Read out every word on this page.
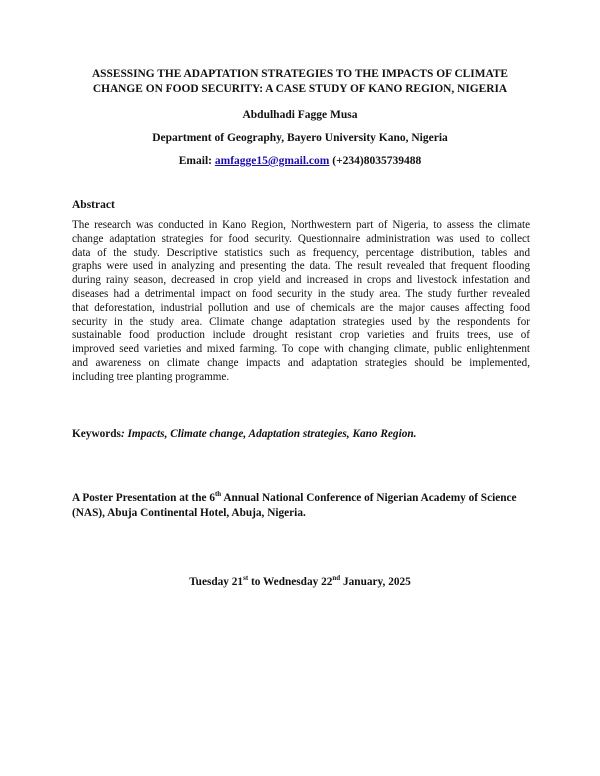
ASSESSING THE ADAPTATION STRATEGIES TO THE IMPACTS OF CLIMATE
CHANGE ON FOOD SECURITY: A CASE STUDY OF KANO REGION, NIGERIA
Abdulhadi Fagge Musa
Department of Geography, Bayero University Kano, Nigeria
Email: amfagge15@gmail.com (+234)8035739488
Abstract
The research was conducted in Kano Region, Northwestern part of Nigeria, to assess the climate
change adaptation strategies for food security. Questionnaire administration was used to collect
data of the study. Descriptive statistics such as frequency, percentage distribution, tables and
graphs were used in analyzing and presenting the data. The result revealed that frequent flooding
during rainy season, decreased in crop yield and increased in crops and livestock infestation and
diseases had a detrimental impact on food security in the study area. The study further revealed
that deforestation, industrial pollution and use of chemicals are the major causes affecting food
security in the study area. Climate change adaptation strategies used by the respondents for
sustainable food production include drought resistant crop varieties and fruits trees, use of
improved seed varieties and mixed farming. To cope with changing climate, public enlightenment
and awareness on climate change impacts and adaptation strategies should be implemented,
including tree planting programme.
Keywords: Impacts, Climate change, Adaptation strategies, Kano Region.
A Poster Presentation at the 6th Annual National Conference of Nigerian Academy of Science
(NAS), Abuja Continental Hotel, Abuja, Nigeria.
Tuesday 21st to Wednesday 22nd January, 2025
